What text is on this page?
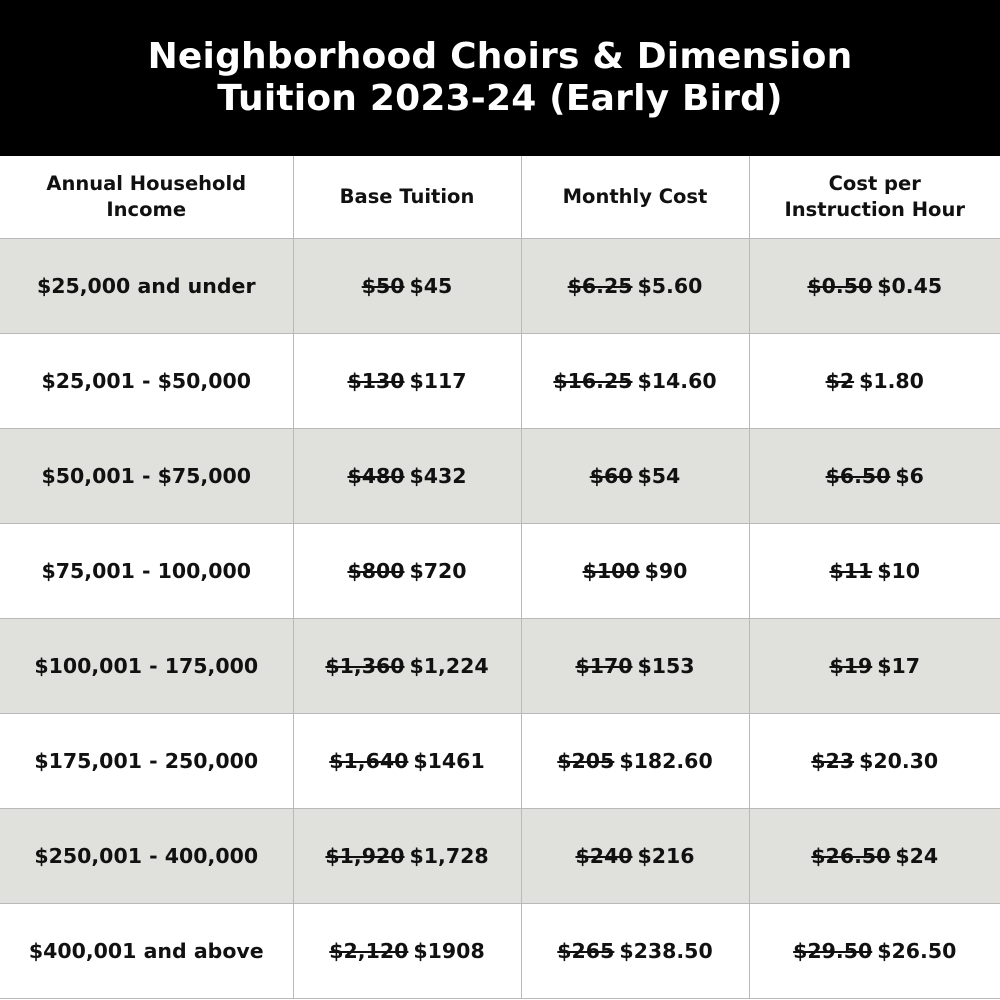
Neighborhood Choirs & Dimension
Tuition 2023-24 (Early Bird)
Annual Household
Income	Base Tuition	Monthly Cost	Cost per
Instruction Hour
$25,000 and under	$50 $45	$6.25 $5.60	$0.50 $0.45
$25,001 - $50,000	$130 $117	$16.25 $14.60	$2 $1.80
$50,001 - $75,000	$480 $432	$60 $54	$6.50 $6
$75,001 - 100,000	$800 $720	$100 $90	$11 $10
$100,001 - 175,000	$1,360 $1,224	$170 $153	$19 $17
$175,001 - 250,000	$1,640 $1461	$205 $182.60	$23 $20.30
$250,001 - 400,000	$1,920 $1,728	$240 $216	$26.50 $24
$400,001 and above	$2,120 $1908	$265 $238.50	$29.50 $26.50
